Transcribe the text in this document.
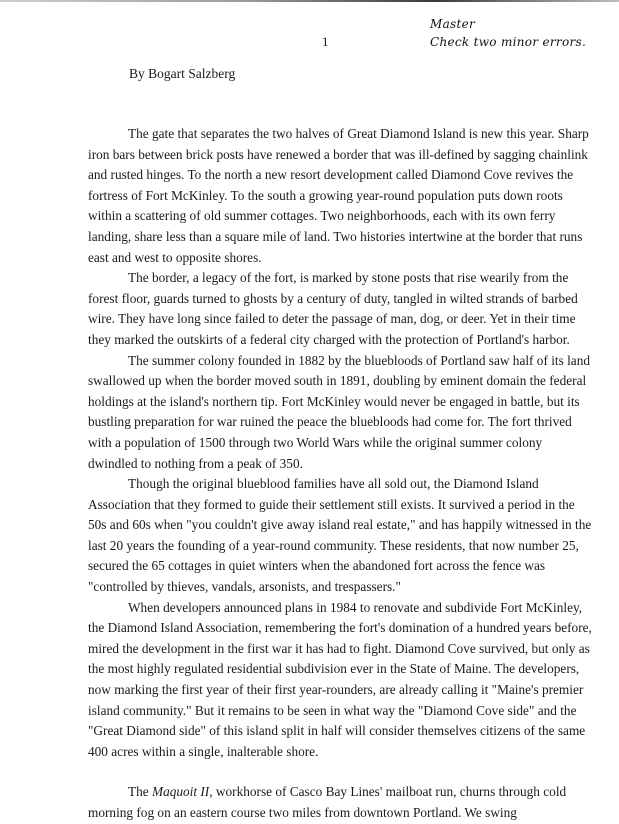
Master
Check two minor errors.
1
By Bogart Salzberg

The gate that separates the two halves of Great Diamond Island is new this year. Sharp iron bars between brick posts have renewed a border that was ill-defined by sagging chainlink and rusted hinges. To the north a new resort development called Diamond Cove revives the fortress of Fort McKinley. To the south a growing year-round population puts down roots within a scattering of old summer cottages. Two neighborhoods, each with its own ferry landing, share less than a square mile of land. Two histories intertwine at the border that runs east and west to opposite shores.

The border, a legacy of the fort, is marked by stone posts that rise wearily from the forest floor, guards turned to ghosts by a century of duty, tangled in wilted strands of barbed wire. They have long since failed to deter the passage of man, dog, or deer. Yet in their time they marked the outskirts of a federal city charged with the protection of Portland's harbor.

The summer colony founded in 1882 by the bluebloods of Portland saw half of its land swallowed up when the border moved south in 1891, doubling by eminent domain the federal holdings at the island's northern tip. Fort McKinley would never be engaged in battle, but its bustling preparation for war ruined the peace the bluebloods had come for. The fort thrived with a population of 1500 through two World Wars while the original summer colony dwindled to nothing from a peak of 350.

Though the original blueblood families have all sold out, the Diamond Island Association that they formed to guide their settlement still exists. It survived a period in the 50s and 60s when "you couldn't give away island real estate," and has happily witnessed in the last 20 years the founding of a year-round community. These residents, that now number 25, secured the 65 cottages in quiet winters when the abandoned fort across the fence was "controlled by thieves, vandals, arsonists, and trespassers."

When developers announced plans in 1984 to renovate and subdivide Fort McKinley, the Diamond Island Association, remembering the fort's domination of a hundred years before, mired the development in the first war it has had to fight. Diamond Cove survived, but only as the most highly regulated residential subdivision ever in the State of Maine. The developers, now marking the first year of their first year-rounders, are already calling it "Maine's premier island community." But it remains to be seen in what way the "Diamond Cove side" and the "Great Diamond side" of this island split in half will consider themselves citizens of the same 400 acres within a single, inalterable shore.

The Maquoit II, workhorse of Casco Bay Lines' mailboat run, churns through cold morning fog on an eastern course two miles from downtown Portland. We swing
